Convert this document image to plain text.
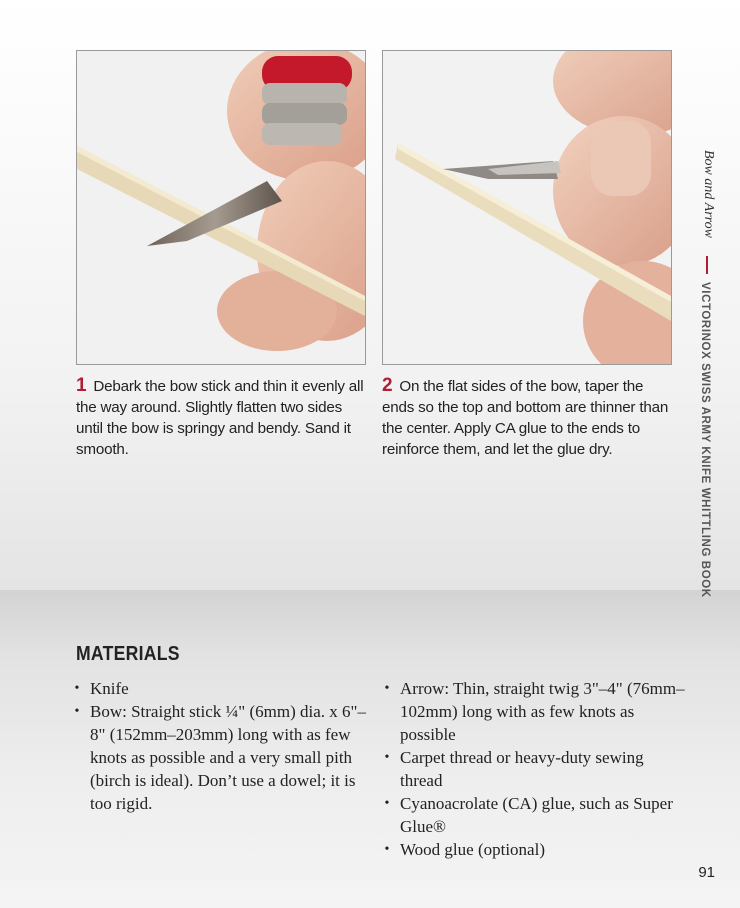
1 Debark the bow stick and thin it evenly all the way around. Slightly flatten two sides until the bow is springy and bendy. Sand it smooth.
2 On the flat sides of the bow, taper the ends so the top and bottom are thinner than the center. Apply CA glue to the ends to reinforce them, and let the glue dry.
Bow and Arrow
VICTORINOX SWISS ARMY KNIFE WHITTLING BOOK
MATERIALS
• Knife
• Bow: Straight stick ¼" (6mm) dia. x 6"–8" (152mm–203mm) long with as few knots as possible and a very small pith (birch is ideal). Don’t use a dowel; it is too rigid.
• Arrow: Thin, straight twig 3"–4" (76mm–102mm) long with as few knots as possible
• Carpet thread or heavy-duty sewing thread
• Cyanoacrolate (CA) glue, such as Super Glue®
• Wood glue (optional)
91
